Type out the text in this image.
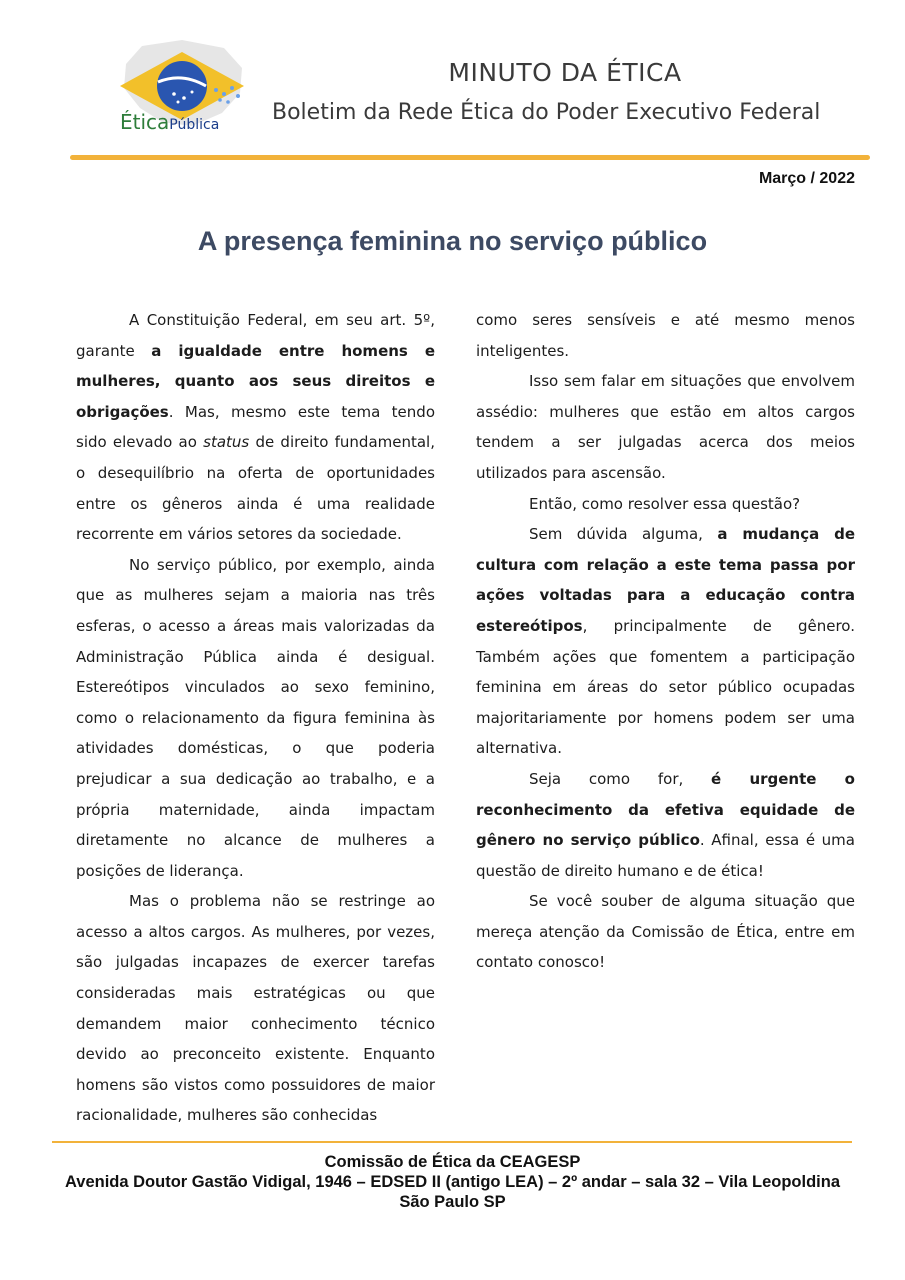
ÉticaPública
MINUTO DA ÉTICA
Boletim da Rede Ética do Poder Executivo Federal
Março / 2022
A presença feminina no serviço público

A Constituição Federal, em seu art. 5º, garante a igualdade entre homens e mulheres, quanto aos seus direitos e obrigações. Mas, mesmo este tema tendo sido elevado ao status de direito fundamental, o desequilíbrio na oferta de oportunidades entre os gêneros ainda é uma realidade recorrente em vários setores da sociedade.

No serviço público, por exemplo, ainda que as mulheres sejam a maioria nas três esferas, o acesso a áreas mais valorizadas da Administração Pública ainda é desigual. Estereótipos vinculados ao sexo feminino, como o relacionamento da figura feminina às atividades domésticas, o que poderia prejudicar a sua dedicação ao trabalho, e a própria maternidade, ainda impactam diretamente no alcance de mulheres a posições de liderança.

Mas o problema não se restringe ao acesso a altos cargos. As mulheres, por vezes, são julgadas incapazes de exercer tarefas consideradas mais estratégicas ou que demandem maior conhecimento técnico devido ao preconceito existente. Enquanto homens são vistos como possuidores de maior racionalidade, mulheres são conhecidas

como seres sensíveis e até mesmo menos inteligentes.

Isso sem falar em situações que envolvem assédio: mulheres que estão em altos cargos tendem a ser julgadas acerca dos meios utilizados para ascensão.

Então, como resolver essa questão?

Sem dúvida alguma, a mudança de cultura com relação a este tema passa por ações voltadas para a educação contra estereótipos, principalmente de gênero. Também ações que fomentem a participação feminina em áreas do setor público ocupadas majoritariamente por homens podem ser uma alternativa.

Seja como for, é urgente o reconhecimento da efetiva equidade de gênero no serviço público. Afinal, essa é uma questão de direito humano e de ética!

Se você souber de alguma situação que mereça atenção da Comissão de Ética, entre em contato conosco!

Comissão de Ética da CEAGESP
Avenida Doutor Gastão Vidigal, 1946 – EDSED II (antigo LEA) – 2º andar – sala 32 – Vila Leopoldina São Paulo SP
